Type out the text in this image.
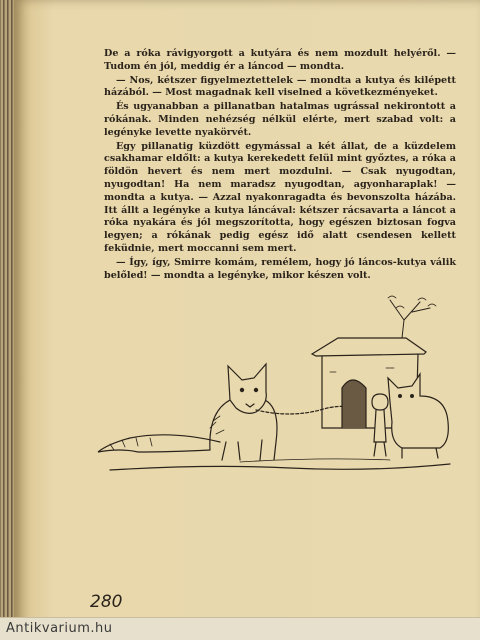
De a róka rávigyorgott a kutyára és nem mozdult helyéről. — Tudom én jól, meddig ér a láncod — mondta.

— Nos, kétszer figyelmeztettelek — mondta a kutya és kilépett házából. — Most magadnak kell viselned a következményeket.

És ugyanabban a pillanatban hatalmas ugrással nekirontott a rókának. Minden nehézség nélkül elérte, mert szabad volt: a legényke levette nyakörvét.

Egy pillanatig küzdött egymással a két állat, de a küzdelem csakhamar eldőlt: a kutya kerekedett felül mint győztes, a róka a földön hevert és nem mert mozdulni. — Csak nyugodtan, nyugodtan! Ha nem maradsz nyugodtan, agyonharaplak! — mondta a kutya. — Azzal nyakonragadta és bevonszolta házába. Itt állt a legényke a kutya láncával: kétszer rácsavarta a láncot a róka nyakára és jól megszorította, hogy egészen biztosan fogva legyen; a rókának pedig egész idő alatt csendesen kellett feküdnie, mert moccanni sem mert.

— Így, így, Smirre komám, remélem, hogy jó láncos-kutya válik belőled! — mondta a legényke, mikor készen volt.

280
Antikvarium.hu
